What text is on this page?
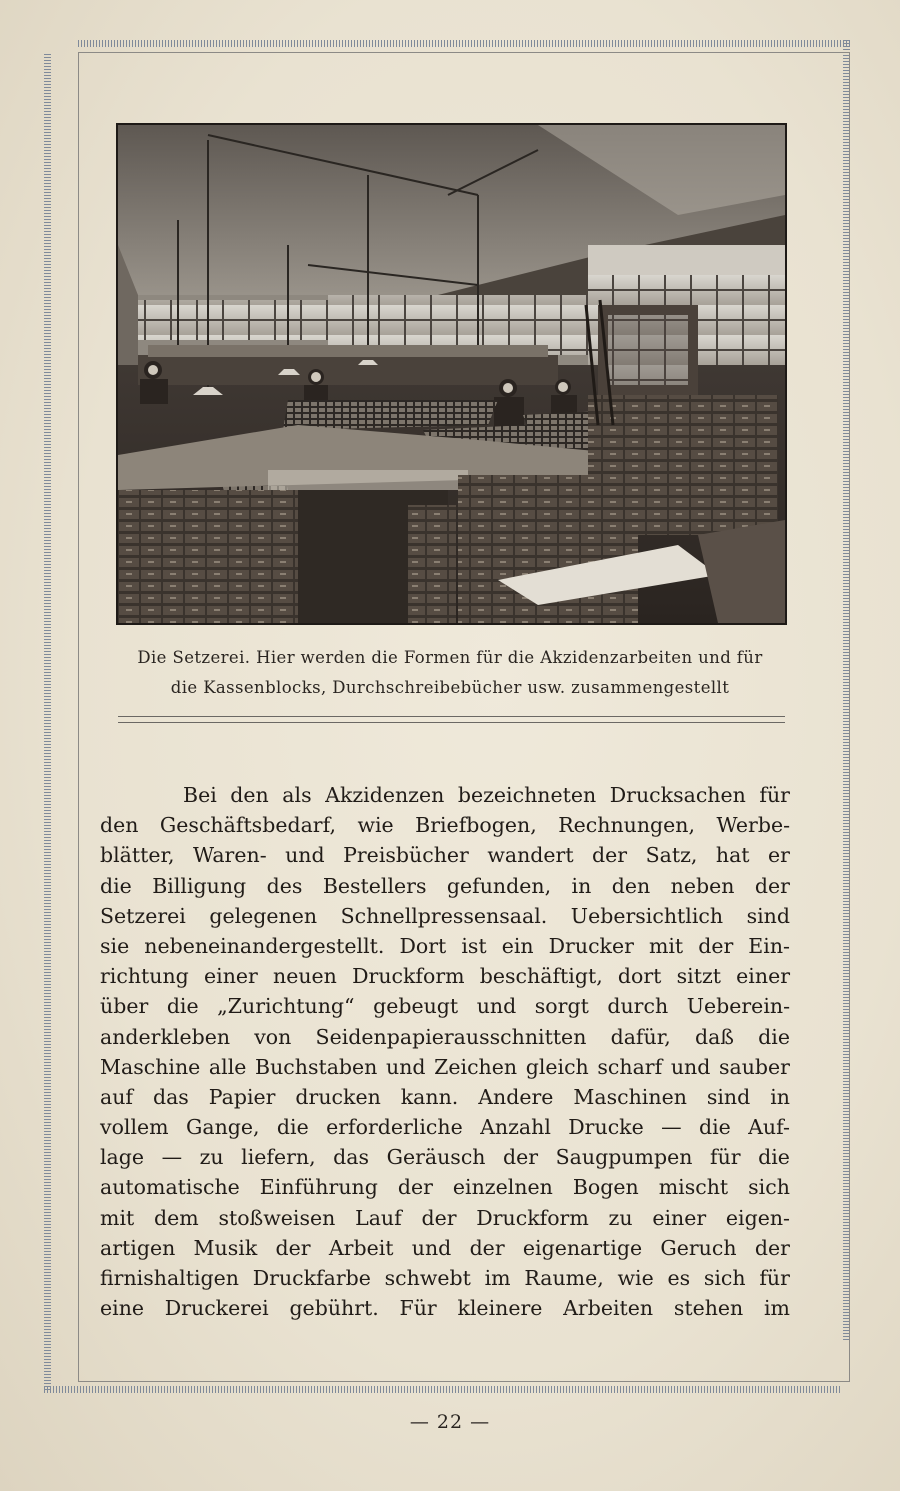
Die Setzerei. Hier werden die Formen für die Akzidenzarbeiten und für
die Kassenblocks, Durchschreibebücher usw. zusammengestellt
Bei den als Akzidenzen bezeichneten Drucksachen für
den Geschäftsbedarf, wie Briefbogen, Rechnungen, Werbe-
blätter, Waren- und Preisbücher wandert der Satz, hat er
die Billigung des Bestellers gefunden, in den neben der
Setzerei gelegenen Schnellpressensaal. Uebersichtlich sind
sie nebeneinandergestellt. Dort ist ein Drucker mit der Ein-
richtung einer neuen Druckform beschäftigt, dort sitzt einer
über die „Zurichtung“ gebeugt und sorgt durch Ueberein-
anderkleben von Seidenpapierausschnitten dafür, daß die
Maschine alle Buchstaben und Zeichen gleich scharf und sauber
auf das Papier drucken kann. Andere Maschinen sind in
vollem Gange, die erforderliche Anzahl Drucke — die Auf-
lage — zu liefern, das Geräusch der Saugpumpen für die
automatische Einführung der einzelnen Bogen mischt sich
mit dem stoßweisen Lauf der Druckform zu einer eigen-
artigen Musik der Arbeit und der eigenartige Geruch der
firnishaltigen Druckfarbe schwebt im Raume, wie es sich für
eine Druckerei gebührt. Für kleinere Arbeiten stehen im
— 22 —
